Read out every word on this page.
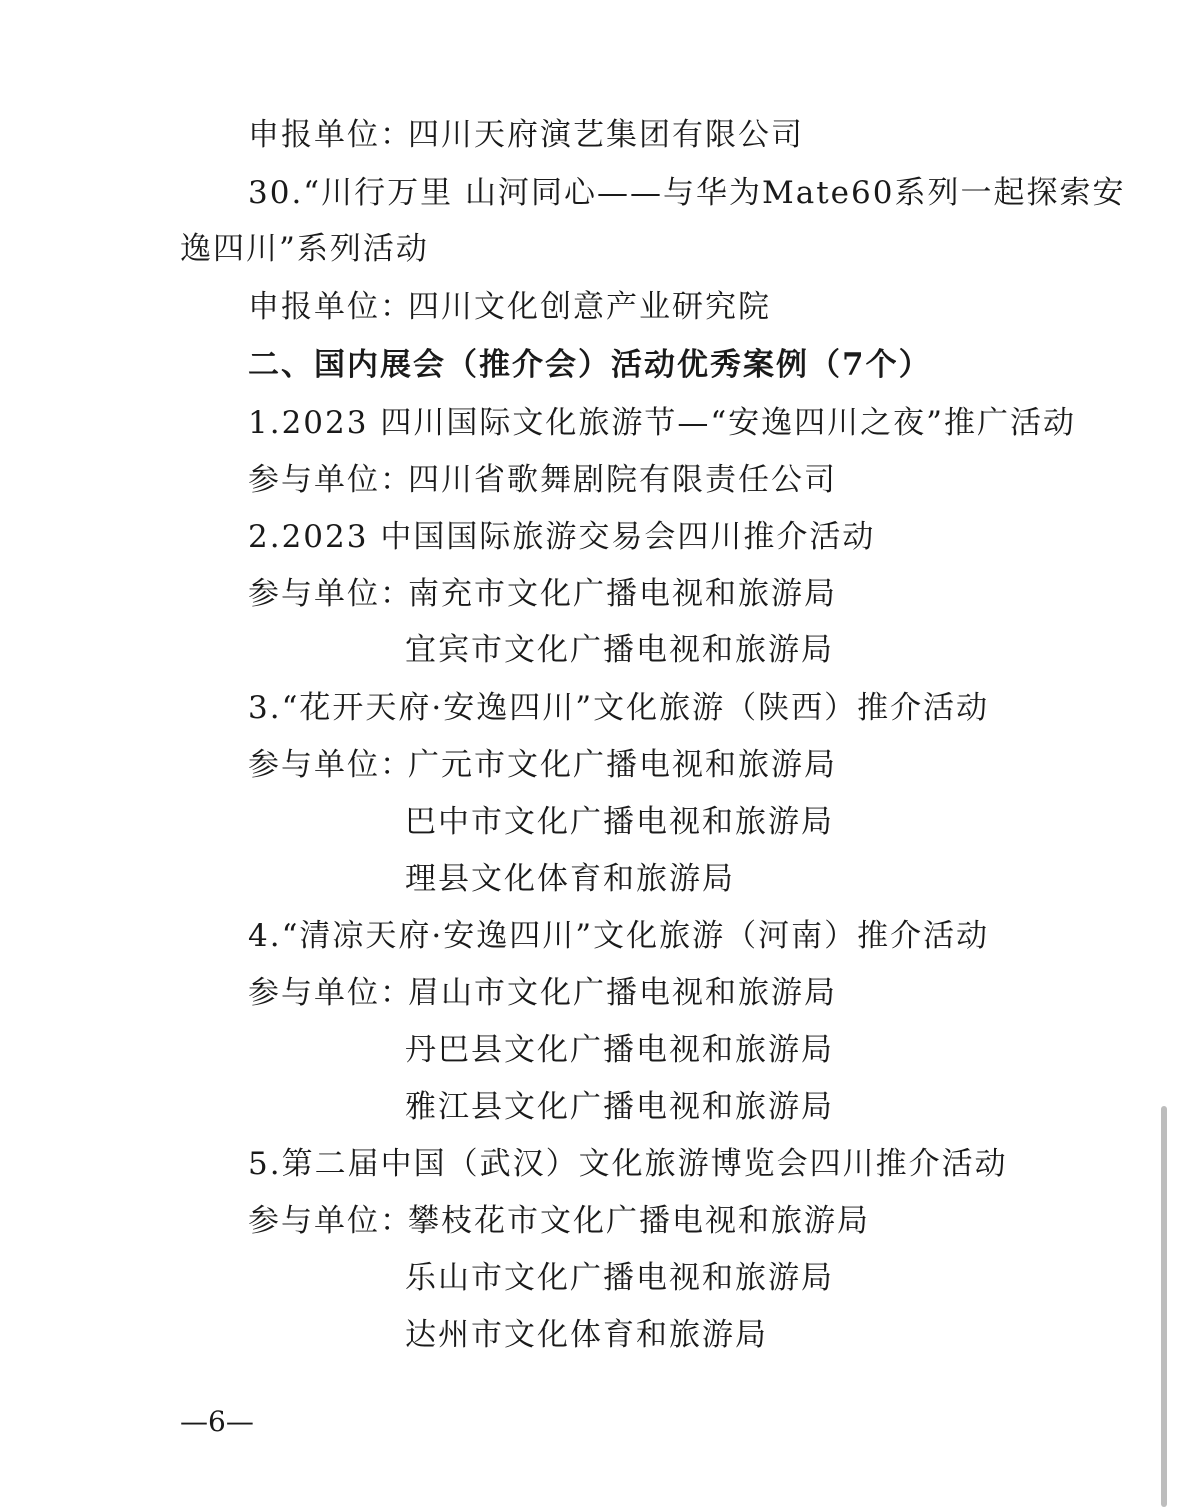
申报单位：四川天府演艺集团有限公司
30.“川行万里 山河同心——与华为Mate60系列一起探索安
逸四川”系列活动
申报单位：四川文化创意产业研究院
二、国内展会（推介会）活动优秀案例（7个）
1.2023 四川国际文化旅游节—“安逸四川之夜”推广活动
参与单位：四川省歌舞剧院有限责任公司
2.2023 中国国际旅游交易会四川推介活动
参与单位：南充市文化广播电视和旅游局
宜宾市文化广播电视和旅游局
3.“花开天府·安逸四川”文化旅游（陕西）推介活动
参与单位：广元市文化广播电视和旅游局
巴中市文化广播电视和旅游局
理县文化体育和旅游局
4.“清凉天府·安逸四川”文化旅游（河南）推介活动
参与单位：眉山市文化广播电视和旅游局
丹巴县文化广播电视和旅游局
雅江县文化广播电视和旅游局
5.第二届中国（武汉）文化旅游博览会四川推介活动
参与单位：攀枝花市文化广播电视和旅游局
乐山市文化广播电视和旅游局
达州市文化体育和旅游局
—6—
